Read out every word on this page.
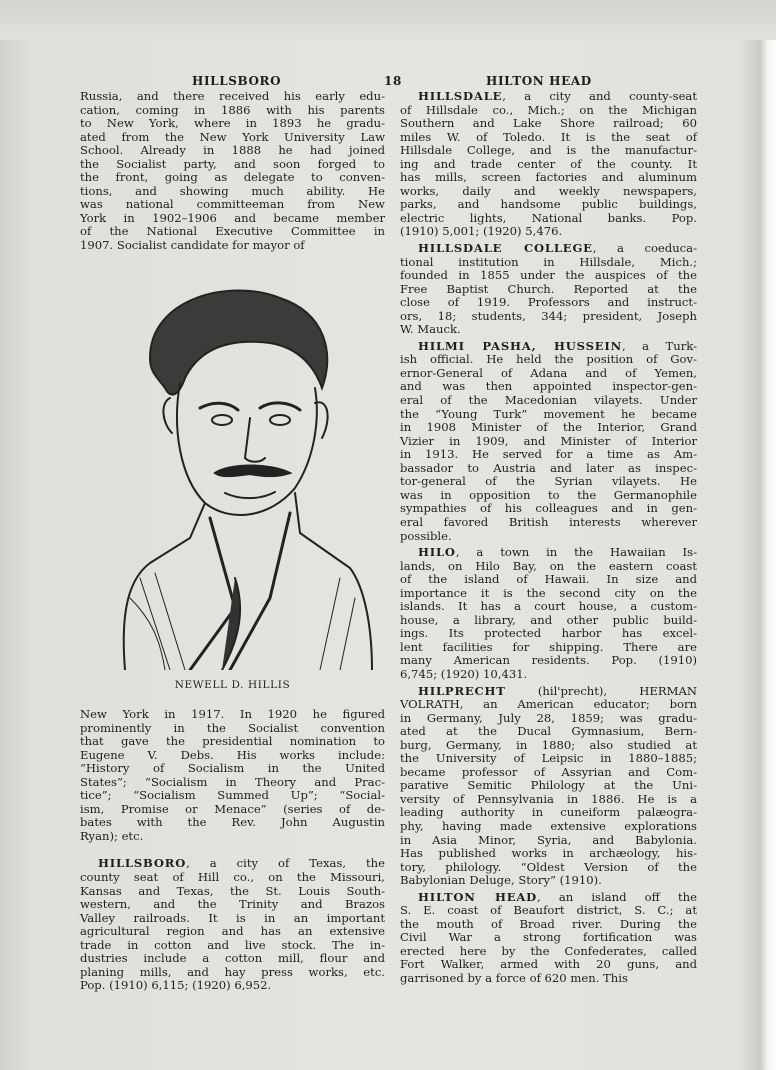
HILLSBORO	18	HILTON HEAD
Russia, and there received his early edu-
cation, coming in 1886 with his parents
to New York, where in 1893 he gradu-
ated from the New York University Law
School. Already in 1888 he had joined
the Socialist party, and soon forged to
the front, going as delegate to conven-
tions, and showing much ability. He
was national committeeman from New
York in 1902–1906 and became member
of the National Executive Committee in
1907. Socialist candidate for mayor of
NEWELL D. HILLIS
New York in 1917. In 1920 he figured
prominently in the Socialist convention
that gave the presidential nomination to
Eugene V. Debs. His works include:
“History of Socialism in the United
States”; “Socialism in Theory and Prac-
tice”; “Socialism Summed Up”; “Social-
ism, Promise or Menace” (series of de-
bates with the Rev. John Augustin
Ryan); etc.
HILLSBORO, a city of Texas, the
county seat of Hill co., on the Missouri,
Kansas and Texas, the St. Louis South-
western, and the Trinity and Brazos
Valley railroads. It is in an important
agricultural region and has an extensive
trade in cotton and live stock. The in-
dustries include a cotton mill, flour and
planing mills, and hay press works, etc.
Pop. (1910) 6,115; (1920) 6,952.
HILLSDALE, a city and county-seat
of Hillsdale co., Mich.; on the Michigan
Southern and Lake Shore railroad; 60
miles W. of Toledo. It is the seat of
Hillsdale College, and is the manufactur-
ing and trade center of the county. It
has mills, screen factories and aluminum
works, daily and weekly newspapers,
parks, and handsome public buildings,
electric lights, National banks. Pop.
(1910) 5,001; (1920) 5,476.
HILLSDALE COLLEGE, a coeduca-
tional institution in Hillsdale, Mich.;
founded in 1855 under the auspices of the
Free Baptist Church. Reported at the
close of 1919. Professors and instruct-
ors, 18; students, 344; president, Joseph
W. Mauck.
HILMI PASHA, HUSSEIN, a Turk-
ish official. He held the position of Gov-
ernor-General of Adana and of Yemen,
and was then appointed inspector-gen-
eral of the Macedonian vilayets. Under
the “Young Turk” movement he became
in 1908 Minister of the Interior, Grand
Vizier in 1909, and Minister of Interior
in 1913. He served for a time as Am-
bassador to Austria and later as inspec-
tor-general of the Syrian vilayets. He
was in opposition to the Germanophile
sympathies of his colleagues and in gen-
eral favored British interests wherever
possible.
HILO, a town in the Hawaiian Is-
lands, on Hilo Bay, on the eastern coast
of the island of Hawaii. In size and
importance it is the second city on the
islands. It has a court house, a custom-
house, a library, and other public build-
ings. Its protected harbor has excel-
lent facilities for shipping. There are
many American residents. Pop. (1910)
6,745; (1920) 10,431.
HILPRECHT (hil'precht), HERMAN
VOLRATH, an American educator; born
in Germany, July 28, 1859; was gradu-
ated at the Ducal Gymnasium, Bern-
burg, Germany, in 1880; also studied at
the University of Leipsic in 1880–1885;
became professor of Assyrian and Com-
parative Semitic Philology at the Uni-
versity of Pennsylvania in 1886. He is a
leading authority in cuneiform palæogra-
phy, having made extensive explorations
in Asia Minor, Syria, and Babylonia.
Has published works in archæology, his-
tory, philology. “Oldest Version of the
Babylonian Deluge, Story” (1910).
HILTON HEAD, an island off the
S. E. coast of Beaufort district, S. C.; at
the mouth of Broad river. During the
Civil War a strong fortification was
erected here by the Confederates, called
Fort Walker, armed with 20 guns, and
garrisoned by a force of 620 men. This
